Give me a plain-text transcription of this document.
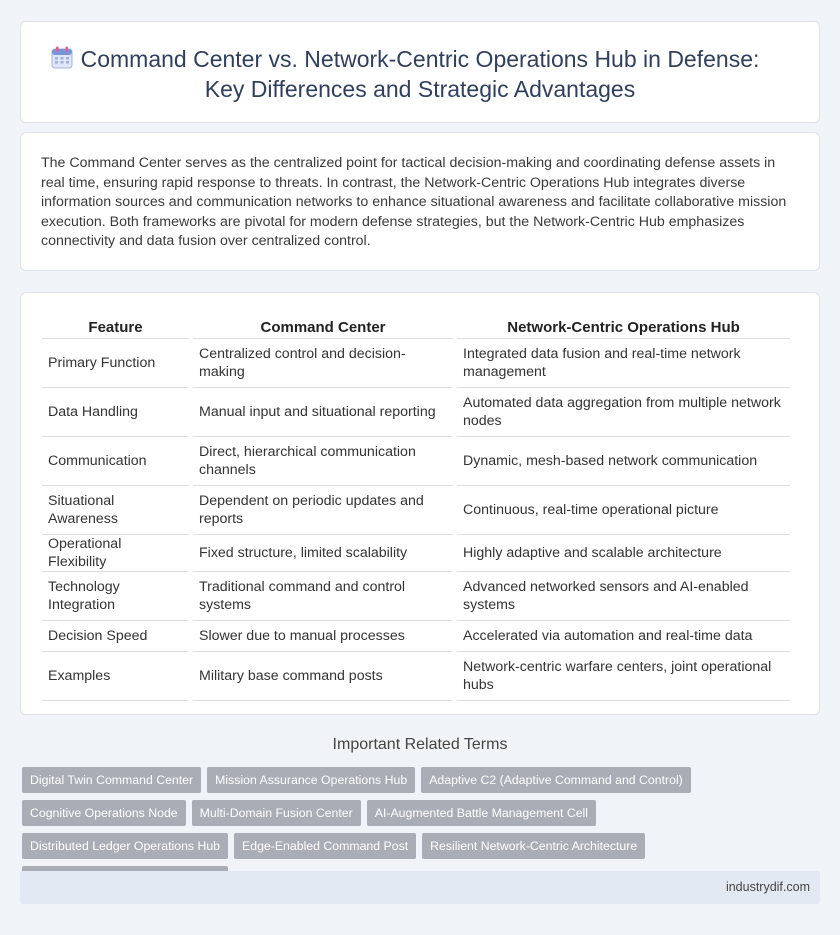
Command Center vs. Network-Centric Operations Hub in Defense:
Key Differences and Strategic Advantages

The Command Center serves as the centralized point for tactical decision-making and coordinating defense assets in real time, ensuring rapid response to threats. In contrast, the Network-Centric Operations Hub integrates diverse information sources and communication networks to enhance situational awareness and facilitate collaborative mission execution. Both frameworks are pivotal for modern defense strategies, but the Network-Centric Hub emphasizes connectivity and data fusion over centralized control.

Feature	Command Center	Network-Centric Operations Hub
Primary Function	Centralized control and decision-making	Integrated data fusion and real-time network management
Data Handling	Manual input and situational reporting	Automated data aggregation from multiple network nodes
Communication	Direct, hierarchical communication channels	Dynamic, mesh-based network communication
Situational Awareness	Dependent on periodic updates and reports	Continuous, real-time operational picture
Operational Flexibility	Fixed structure, limited scalability	Highly adaptive and scalable architecture
Technology Integration	Traditional command and control systems	Advanced networked sensors and AI-enabled systems
Decision Speed	Slower due to manual processes	Accelerated via automation and real-time data
Examples	Military base command posts	Network-centric warfare centers, joint operational hubs
Important Related Terms
Digital Twin Command Center	Mission Assurance Operations Hub	Adaptive C2 (Adaptive Command and Control)
Cognitive Operations Node	Multi-Domain Fusion Center	AI-Augmented Battle Management Cell
Distributed Ledger Operations Hub	Edge-Enabled Command Post	Resilient Network-Centric Architecture
industrydif.com
